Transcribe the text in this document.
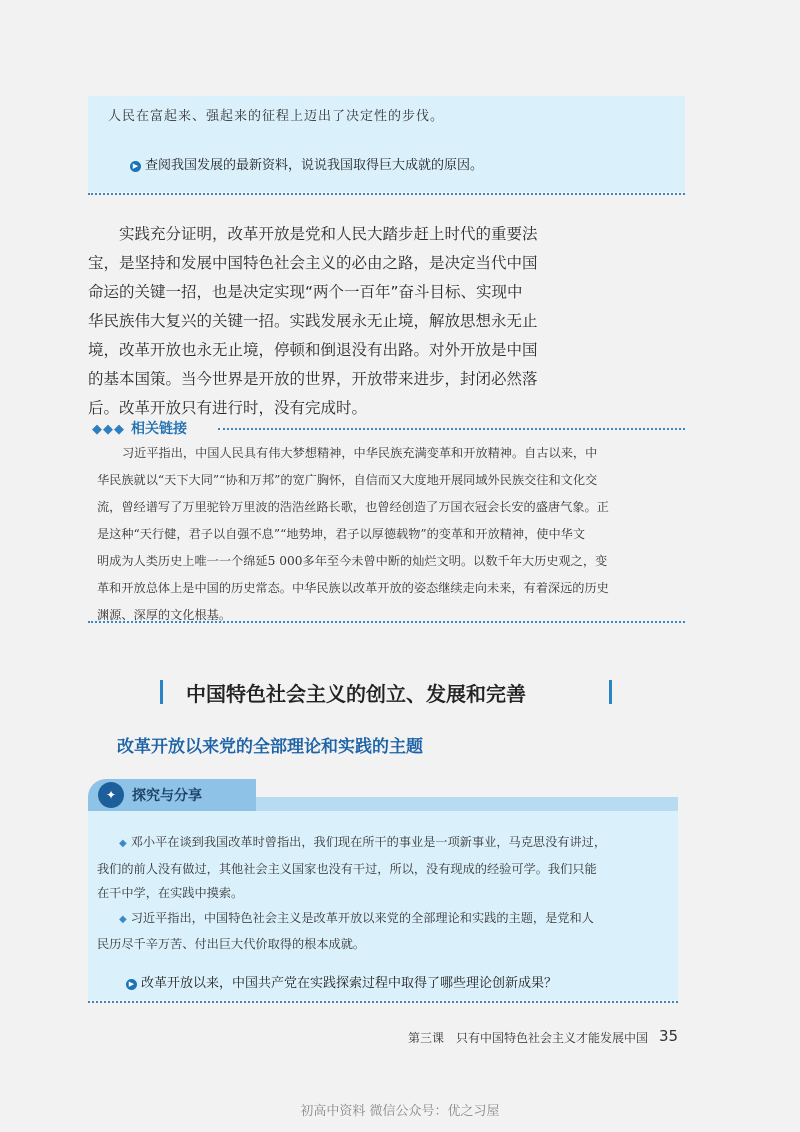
人民在富起来、强起来的征程上迈出了决定性的步伐。
▶ 查阅我国发展的最新资料，说说我国取得巨大成就的原因。
实践充分证明，改革开放是党和人民大踏步赶上时代的重要法
宝，是坚持和发展中国特色社会主义的必由之路，是决定当代中国
命运的关键一招，也是决定实现“两个一百年”奋斗目标、实现中
华民族伟大复兴的关键一招。实践发展永无止境，解放思想永无止
境，改革开放也永无止境，停顿和倒退没有出路。对外开放是中国
的基本国策。当今世界是开放的世界，开放带来进步，封闭必然落
后。改革开放只有进行时，没有完成时。
◆◆◆ 相关链接
习近平指出，中国人民具有伟大梦想精神，中华民族充满变革和开放精神。自古以来，中
华民族就以“天下大同”“协和万邦”的宽广胸怀，自信而又大度地开展同域外民族交往和文化交
流，曾经谱写了万里驼铃万里波的浩浩丝路长歌，也曾经创造了万国衣冠会长安的盛唐气象。正
是这种“天行健，君子以自强不息”“地势坤，君子以厚德载物”的变革和开放精神，使中华文
明成为人类历史上唯一一个绵延5 000多年至今未曾中断的灿烂文明。以数千年大历史观之，变
革和开放总体上是中国的历史常态。中华民族以改革开放的姿态继续走向未来，有着深远的历史
渊源、深厚的文化根基。
中国特色社会主义的创立、发展和完善
改革开放以来党的全部理论和实践的主题
✦	探究与分享
◆ 邓小平在谈到我国改革时曾指出，我们现在所干的事业是一项新事业，马克思没有讲过，
我们的前人没有做过，其他社会主义国家也没有干过，所以，没有现成的经验可学。我们只能
在干中学，在实践中摸索。
◆ 习近平指出，中国特色社会主义是改革开放以来党的全部理论和实践的主题，是党和人
民历尽千辛万苦、付出巨大代价取得的根本成就。
▶ 改革开放以来，中国共产党在实践探索过程中取得了哪些理论创新成果？
第三课　只有中国特色社会主义才能发展中国 35
初高中资料 微信公众号：优之习屋
